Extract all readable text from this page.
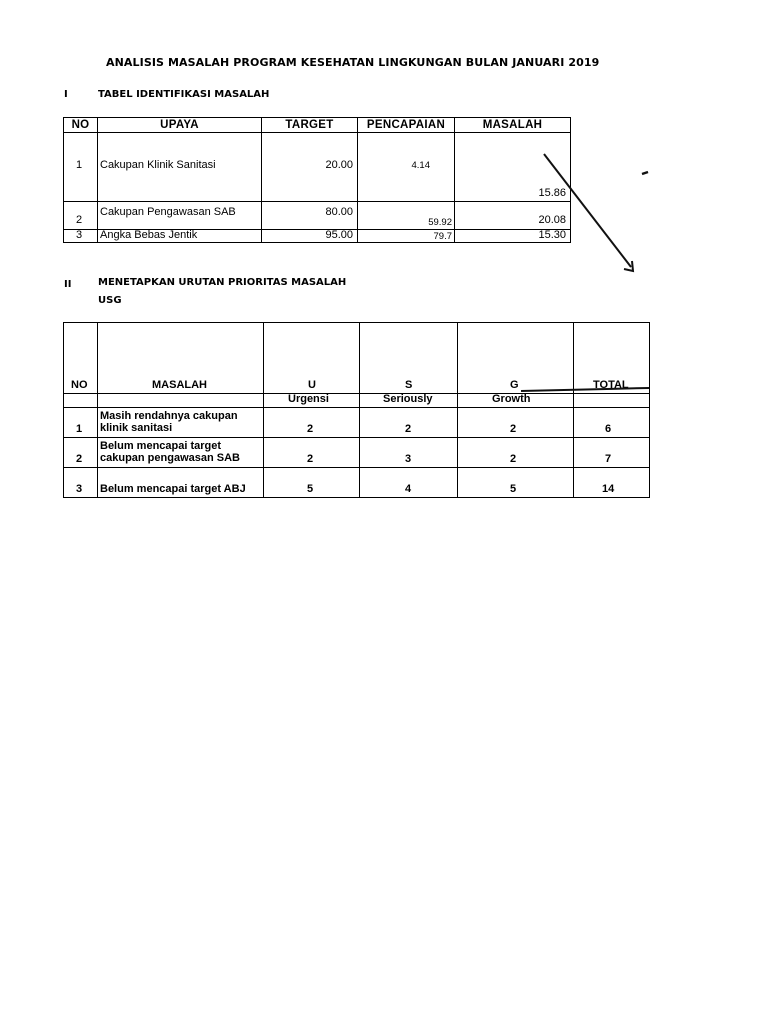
ANALISIS MASALAH PROGRAM KESEHATAN LINGKUNGAN BULAN JANUARI 2019
I	TABEL IDENTIFIKASI MASALAH
NO	UPAYA	TARGET	PENCAPAIAN	MASALAH

1	Cakupan Klinik Sanitasi	20.00	4.14	15.86

2	Cakupan Pengawasan SAB	80.00	59.92	20.08

3	Angka Bebas Jentik	95.00	79.7	15.30
II	MENETAPKAN URUTAN PRIORITAS MASALAH
USG
NO	MASALAH	U	S	G	TOTAL

		Urgensi	Seriously	Growth	

1	Masih rendahnya cakupan
klinik sanitasi	2	2	2	6

2	Belum mencapai target
cakupan pengawasan SAB	2	3	2	7

3	Belum mencapai target ABJ	5	4	5	14
